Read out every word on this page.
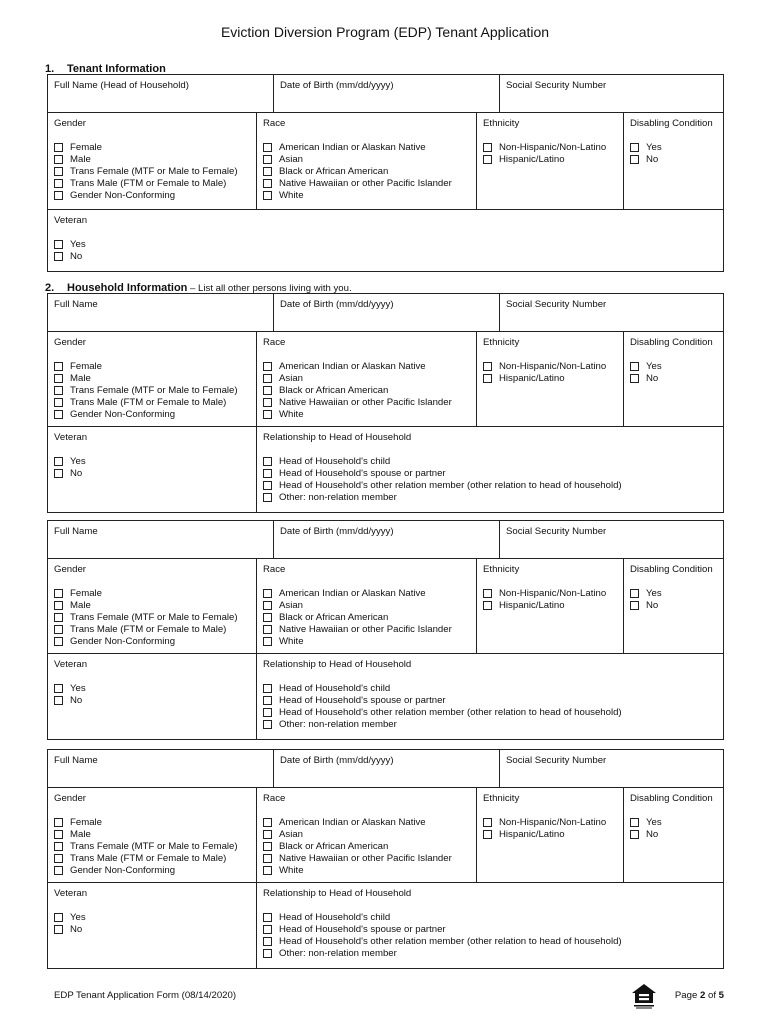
Eviction Diversion Program (EDP) Tenant Application
1. Tenant Information
Full Name (Head of Household)	Date of Birth (mm/dd/yyyy)	Social Security Number
Gender
Female
Male
Trans Female (MTF or Male to Female)
Trans Male (FTM or Female to Male)
Gender Non-Conforming
Race
American Indian or Alaskan Native
Asian
Black or African American
Native Hawaiian or other Pacific Islander
White
Ethnicity
Non-Hispanic/Non-Latino
Hispanic/Latino
Disabling Condition
Yes
No
Veteran
Yes
No
2. Household Information – List all other persons living with you.
Full Name	Date of Birth (mm/dd/yyyy)	Social Security Number
Gender
Female
Male
Trans Female (MTF or Male to Female)
Trans Male (FTM or Female to Male)
Gender Non-Conforming
Race
American Indian or Alaskan Native
Asian
Black or African American
Native Hawaiian or other Pacific Islander
White
Ethnicity
Non-Hispanic/Non-Latino
Hispanic/Latino
Disabling Condition
Yes
No
Veteran
Yes
No
Relationship to Head of Household
Head of Household's child
Head of Household's spouse or partner
Head of Household's other relation member (other relation to head of household)
Other: non-relation member
Full Name	Date of Birth (mm/dd/yyyy)	Social Security Number
Gender
Female
Male
Trans Female (MTF or Male to Female)
Trans Male (FTM or Female to Male)
Gender Non-Conforming
Race
American Indian or Alaskan Native
Asian
Black or African American
Native Hawaiian or other Pacific Islander
White
Ethnicity
Non-Hispanic/Non-Latino
Hispanic/Latino
Disabling Condition
Yes
No
Veteran
Yes
No
Relationship to Head of Household
Head of Household's child
Head of Household's spouse or partner
Head of Household's other relation member (other relation to head of household)
Other: non-relation member
Full Name	Date of Birth (mm/dd/yyyy)	Social Security Number
Gender
Female
Male
Trans Female (MTF or Male to Female)
Trans Male (FTM or Female to Male)
Gender Non-Conforming
Race
American Indian or Alaskan Native
Asian
Black or African American
Native Hawaiian or other Pacific Islander
White
Ethnicity
Non-Hispanic/Non-Latino
Hispanic/Latino
Disabling Condition
Yes
No
Veteran
Yes
No
Relationship to Head of Household
Head of Household's child
Head of Household's spouse or partner
Head of Household's other relation member (other relation to head of household)
Other: non-relation member
EDP Tenant Application Form (08/14/2020)	Page 2 of 5
